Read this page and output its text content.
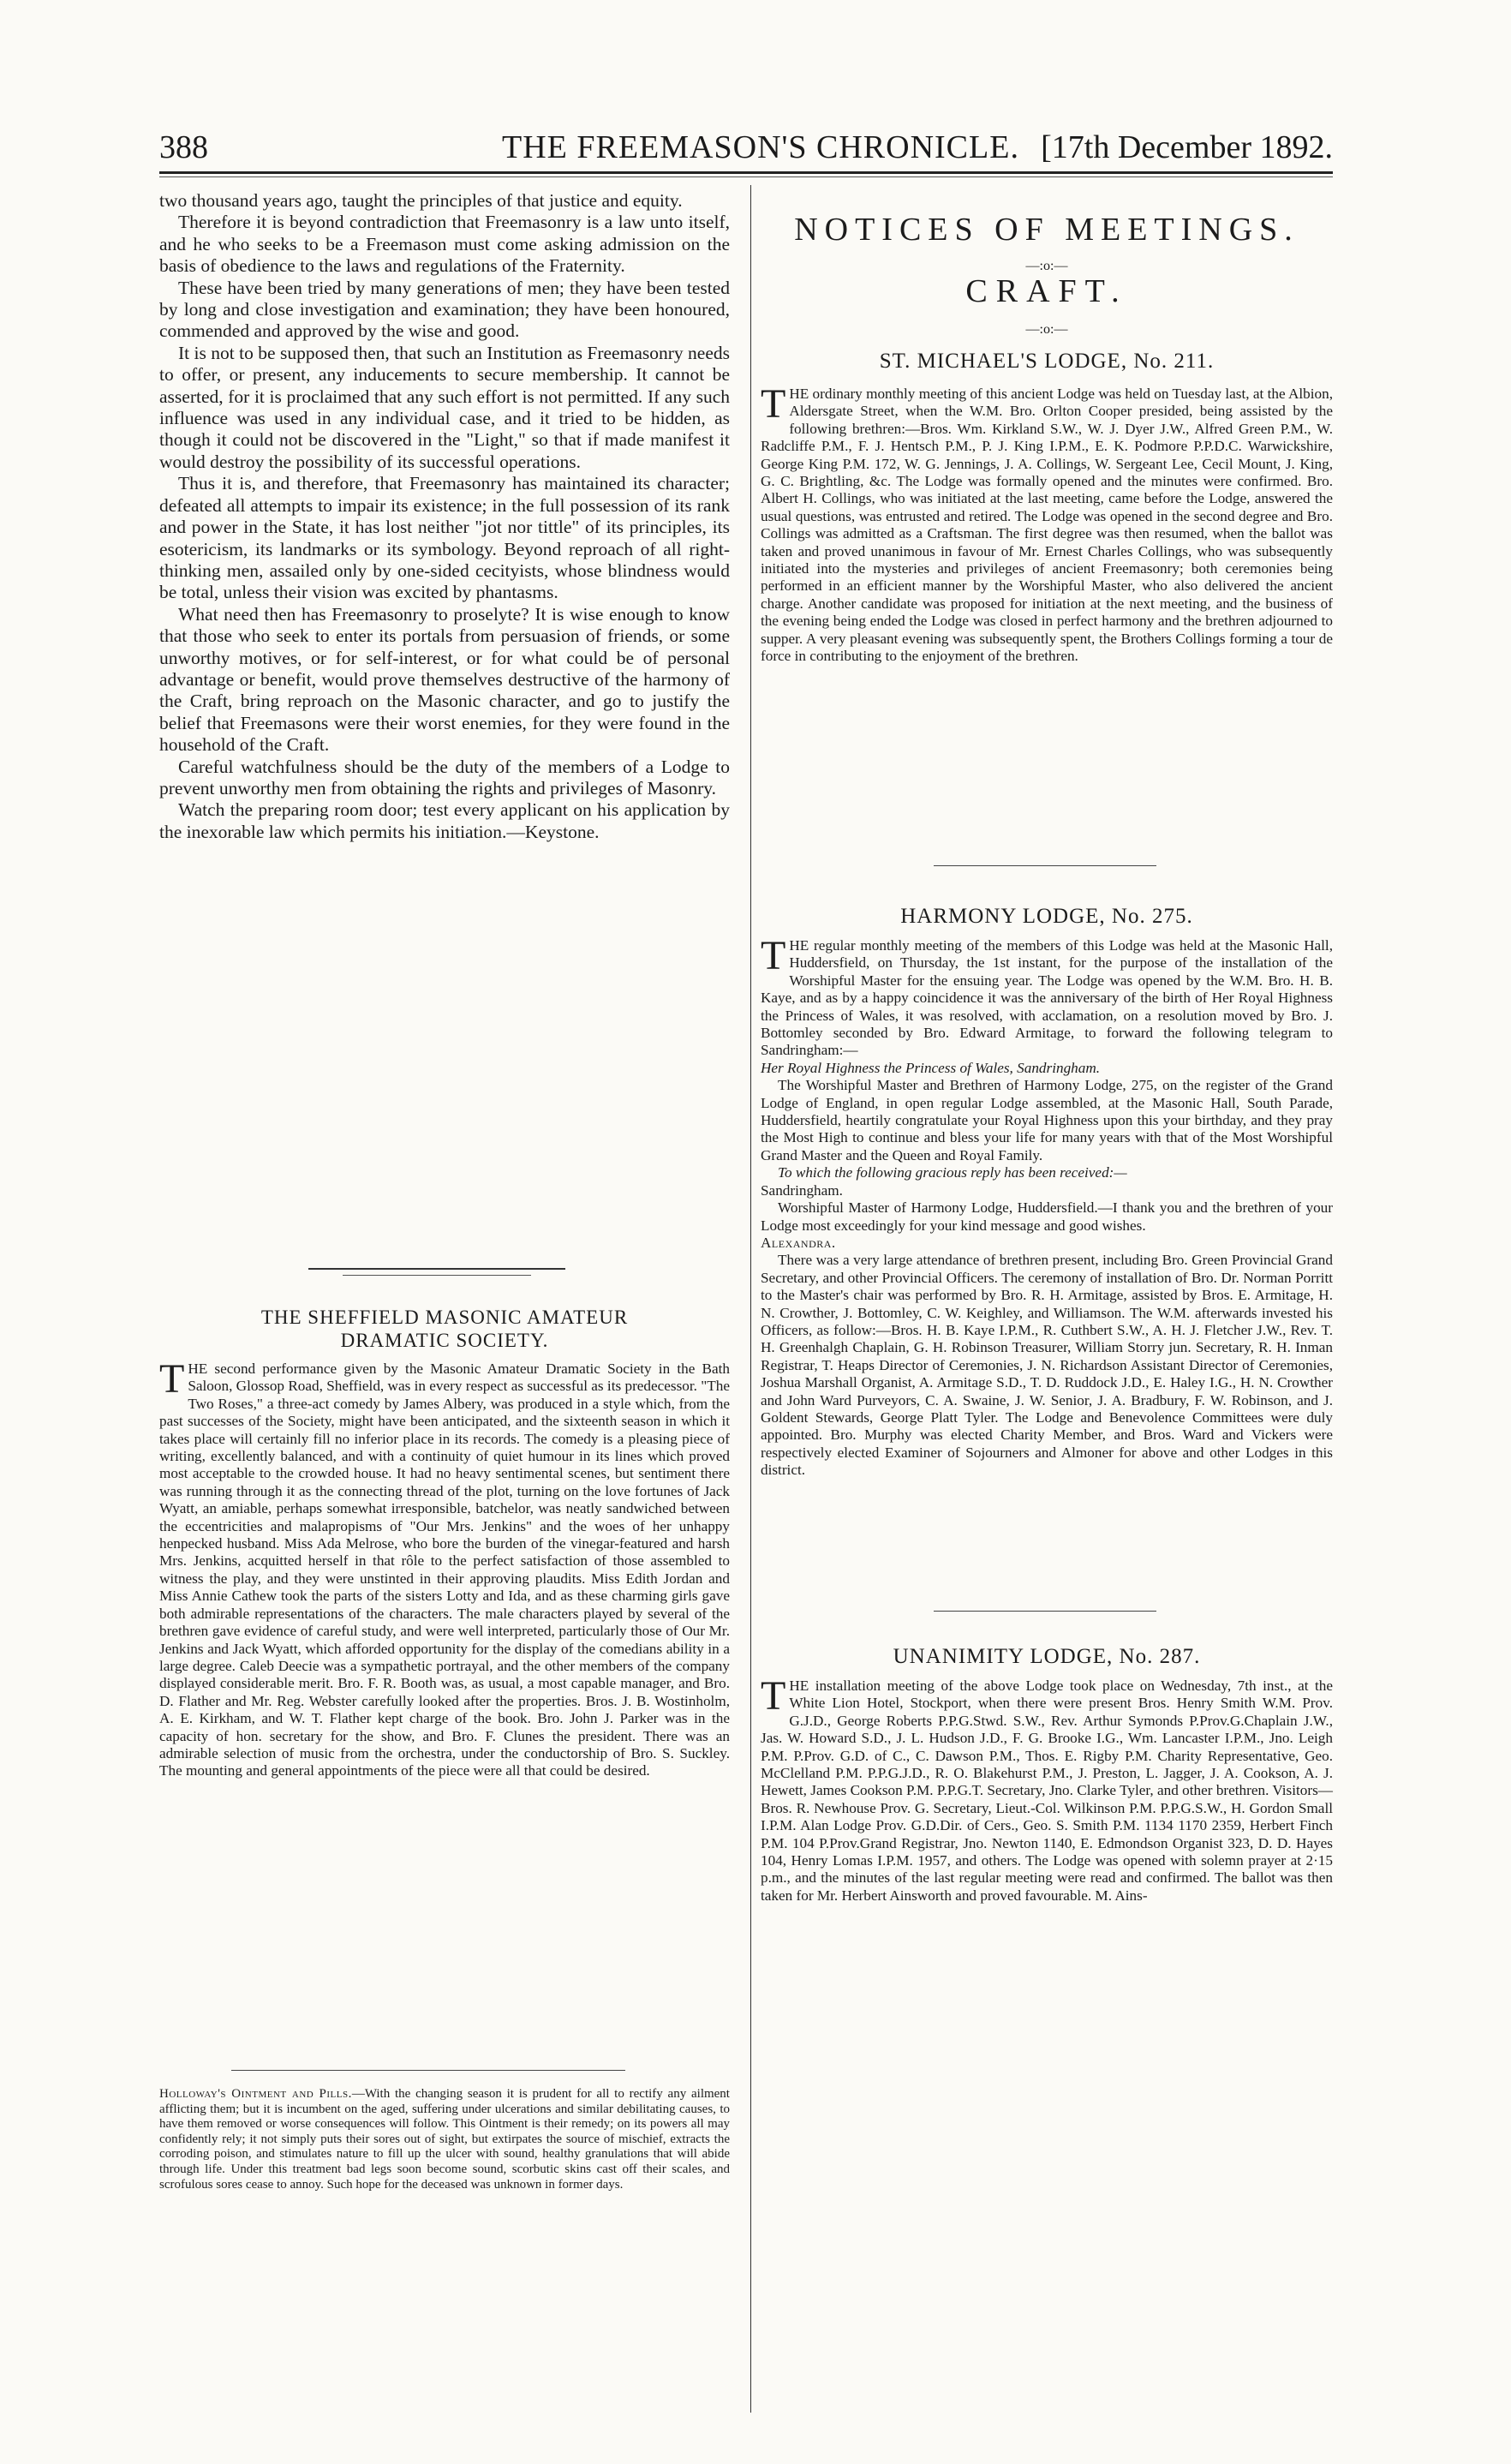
388	THE FREEMASON'S CHRONICLE. [17th December 1892.

two thousand years ago, taught the principles of that justice and equity.

Therefore it is beyond contradiction that Freemasonry is a law unto itself, and he who seeks to be a Freemason must come asking admission on the basis of obedience to the laws and regulations of the Fraternity.

These have been tried by many generations of men; they have been tested by long and close investigation and examination; they have been honoured, commended and approved by the wise and good.

It is not to be supposed then, that such an Institution as Freemasonry needs to offer, or present, any inducements to secure membership. It cannot be asserted, for it is proclaimed that any such effort is not permitted. If any such influence was used in any individual case, and it tried to be hidden, as though it could not be discovered in the "Light," so that if made manifest it would destroy the possibility of its successful operations.

Thus it is, and therefore, that Freemasonry has maintained its character; defeated all attempts to impair its existence; in the full possession of its rank and power in the State, it has lost neither "jot nor tittle" of its principles, its esotericism, its landmarks or its symbology. Beyond reproach of all right-thinking men, assailed only by one-sided cecityists, whose blindness would be total, unless their vision was excited by phantasms.

What need then has Freemasonry to proselyte? It is wise enough to know that those who seek to enter its portals from persuasion of friends, or some unworthy motives, or for self-interest, or for what could be of personal advantage or benefit, would prove themselves destructive of the harmony of the Craft, bring reproach on the Masonic character, and go to justify the belief that Freemasons were their worst enemies, for they were found in the household of the Craft.

Careful watchfulness should be the duty of the members of a Lodge to prevent unworthy men from obtaining the rights and privileges of Masonry.

Watch the preparing room door; test every applicant on his application by the inexorable law which permits his initiation.—Keystone.

THE SHEFFIELD MASONIC AMATEUR
DRAMATIC SOCIETY.

THE second performance given by the Masonic Amateur Dramatic Society in the Bath Saloon, Glossop Road, Sheffield, was in every respect as successful as its predecessor. "The Two Roses," a three-act comedy by James Albery, was produced in a style which, from the past successes of the Society, might have been anticipated, and the sixteenth season in which it takes place will certainly fill no inferior place in its records. The comedy is a pleasing piece of writing, excellently balanced, and with a continuity of quiet humour in its lines which proved most acceptable to the crowded house. It had no heavy sentimental scenes, but sentiment there was running through it as the connecting thread of the plot, turning on the love fortunes of Jack Wyatt, an amiable, perhaps somewhat irresponsible, batchelor, was neatly sandwiched between the eccentricities and malapropisms of "Our Mrs. Jenkins" and the woes of her unhappy henpecked husband. Miss Ada Melrose, who bore the burden of the vinegar-featured and harsh Mrs. Jenkins, acquitted herself in that rôle to the perfect satisfaction of those assembled to witness the play, and they were unstinted in their approving plaudits. Miss Edith Jordan and Miss Annie Cathew took the parts of the sisters Lotty and Ida, and as these charming girls gave both admirable representations of the characters. The male characters played by several of the brethren gave evidence of careful study, and were well interpreted, particularly those of Our Mr. Jenkins and Jack Wyatt, which afforded opportunity for the display of the comedians ability in a large degree. Caleb Deecie was a sympathetic portrayal, and the other members of the company displayed considerable merit. Bro. F. R. Booth was, as usual, a most capable manager, and Bro. D. Flather and Mr. Reg. Webster carefully looked after the properties. Bros. J. B. Wostinholm, A. E. Kirkham, and W. T. Flather kept charge of the book. Bro. John J. Parker was in the capacity of hon. secretary for the show, and Bro. F. Clunes the president. There was an admirable selection of music from the orchestra, under the conductorship of Bro. S. Suckley. The mounting and general appointments of the piece were all that could be desired.

Holloway's Ointment and Pills.—With the changing season it is prudent for all to rectify any ailment afflicting them; but it is incumbent on the aged, suffering under ulcerations and similar debilitating causes, to have them removed or worse consequences will follow. This Ointment is their remedy; on its powers all may confidently rely; it not simply puts their sores out of sight, but extirpates the source of mischief, extracts the corroding poison, and stimulates nature to fill up the ulcer with sound, healthy granulations that will abide through life. Under this treatment bad legs soon become sound, scorbutic skins cast off their scales, and scrofulous sores cease to annoy. Such hope for the deceased was unknown in former days.

NOTICES OF MEETINGS.
—:o:—
CRAFT.
—:o:—
ST. MICHAEL'S LODGE, No. 211.

THE ordinary monthly meeting of this ancient Lodge was held on Tuesday last, at the Albion, Aldersgate Street, when the W.M. Bro. Orlton Cooper presided, being assisted by the following brethren:—Bros. Wm. Kirkland S.W., W. J. Dyer J.W., Alfred Green P.M., W. Radcliffe P.M., F. J. Hentsch P.M., P. J. King I.P.M., E. K. Podmore P.P.D.C. Warwickshire, George King P.M. 172, W. G. Jennings, J. A. Collings, W. Sergeant Lee, Cecil Mount, J. King, G. C. Brightling, &c. The Lodge was formally opened and the minutes were confirmed. Bro. Albert H. Collings, who was initiated at the last meeting, came before the Lodge, answered the usual questions, was entrusted and retired. The Lodge was opened in the second degree and Bro. Collings was admitted as a Craftsman. The first degree was then resumed, when the ballot was taken and proved unanimous in favour of Mr. Ernest Charles Collings, who was subsequently initiated into the mysteries and privileges of ancient Freemasonry; both ceremonies being performed in an efficient manner by the Worshipful Master, who also delivered the ancient charge. Another candidate was proposed for initiation at the next meeting, and the business of the evening being ended the Lodge was closed in perfect harmony and the brethren adjourned to supper. A very pleasant evening was subsequently spent, the Brothers Collings forming a tour de force in contributing to the enjoyment of the brethren.

HARMONY LODGE, No. 275.

THE regular monthly meeting of the members of this Lodge was held at the Masonic Hall, Huddersfield, on Thursday, the 1st instant, for the purpose of the installation of the Worshipful Master for the ensuing year. The Lodge was opened by the W.M. Bro. H. B. Kaye, and as by a happy coincidence it was the anniversary of the birth of Her Royal Highness the Princess of Wales, it was resolved, with acclamation, on a resolution moved by Bro. J. Bottomley seconded by Bro. Edward Armitage, to forward the following telegram to Sandringham:—

Her Royal Highness the Princess of Wales, Sandringham.

The Worshipful Master and Brethren of Harmony Lodge, 275, on the register of the Grand Lodge of England, in open regular Lodge assembled, at the Masonic Hall, South Parade, Huddersfield, heartily congratulate your Royal Highness upon this your birthday, and they pray the Most High to continue and bless your life for many years with that of the Most Worshipful Grand Master and the Queen and Royal Family.

To which the following gracious reply has been received:—

Sandringham.

Worshipful Master of Harmony Lodge, Huddersfield.—I thank you and the brethren of your Lodge most exceedingly for your kind message and good wishes.

Alexandra.

There was a very large attendance of brethren present, including Bro. Green Provincial Grand Secretary, and other Provincial Officers. The ceremony of installation of Bro. Dr. Norman Porritt to the Master's chair was performed by Bro. R. H. Armitage, assisted by Bros. E. Armitage, H. N. Crowther, J. Bottomley, C. W. Keighley, and Williamson. The W.M. afterwards invested his Officers, as follow:—Bros. H. B. Kaye I.P.M., R. Cuthbert S.W., A. H. J. Fletcher J.W., Rev. T. H. Greenhalgh Chaplain, G. H. Robinson Treasurer, William Storry jun. Secretary, R. H. Inman Registrar, T. Heaps Director of Ceremonies, J. N. Richardson Assistant Director of Ceremonies, Joshua Marshall Organist, A. Armitage S.D., T. D. Ruddock J.D., E. Haley I.G., H. N. Crowther and John Ward Purveyors, C. A. Swaine, J. W. Senior, J. A. Bradbury, F. W. Robinson, and J. Goldent Stewards, George Platt Tyler. The Lodge and Benevolence Committees were duly appointed. Bro. Murphy was elected Charity Member, and Bros. Ward and Vickers were respectively elected Examiner of Sojourners and Almoner for above and other Lodges in this district.

UNANIMITY LODGE, No. 287.

THE installation meeting of the above Lodge took place on Wednesday, 7th inst., at the White Lion Hotel, Stockport, when there were present Bros. Henry Smith W.M. Prov. G.J.D., George Roberts P.P.G.Stwd. S.W., Rev. Arthur Symonds P.Prov.G.Chaplain J.W., Jas. W. Howard S.D., J. L. Hudson J.D., F. G. Brooke I.G., Wm. Lancaster I.P.M., Jno. Leigh P.M. P.Prov. G.D. of C., C. Dawson P.M., Thos. E. Rigby P.M. Charity Representative, Geo. McClelland P.M. P.P.G.J.D., R. O. Blakehurst P.M., J. Preston, L. Jagger, J. A. Cookson, A. J. Hewett, James Cookson P.M. P.P.G.T. Secretary, Jno. Clarke Tyler, and other brethren. Visitors—Bros. R. Newhouse Prov. G. Secretary, Lieut.-Col. Wilkinson P.M. P.P.G.S.W., H. Gordon Small I.P.M. Alan Lodge Prov. G.D.Dir. of Cers., Geo. S. Smith P.M. 1134 1170 2359, Herbert Finch P.M. 104 P.Prov.Grand Registrar, Jno. Newton 1140, E. Edmondson Organist 323, D. D. Hayes 104, Henry Lomas I.P.M. 1957, and others. The Lodge was opened with solemn prayer at 2·15 p.m., and the minutes of the last regular meeting were read and confirmed. The ballot was then taken for Mr. Herbert Ainsworth and proved favourable. M. Ains-
